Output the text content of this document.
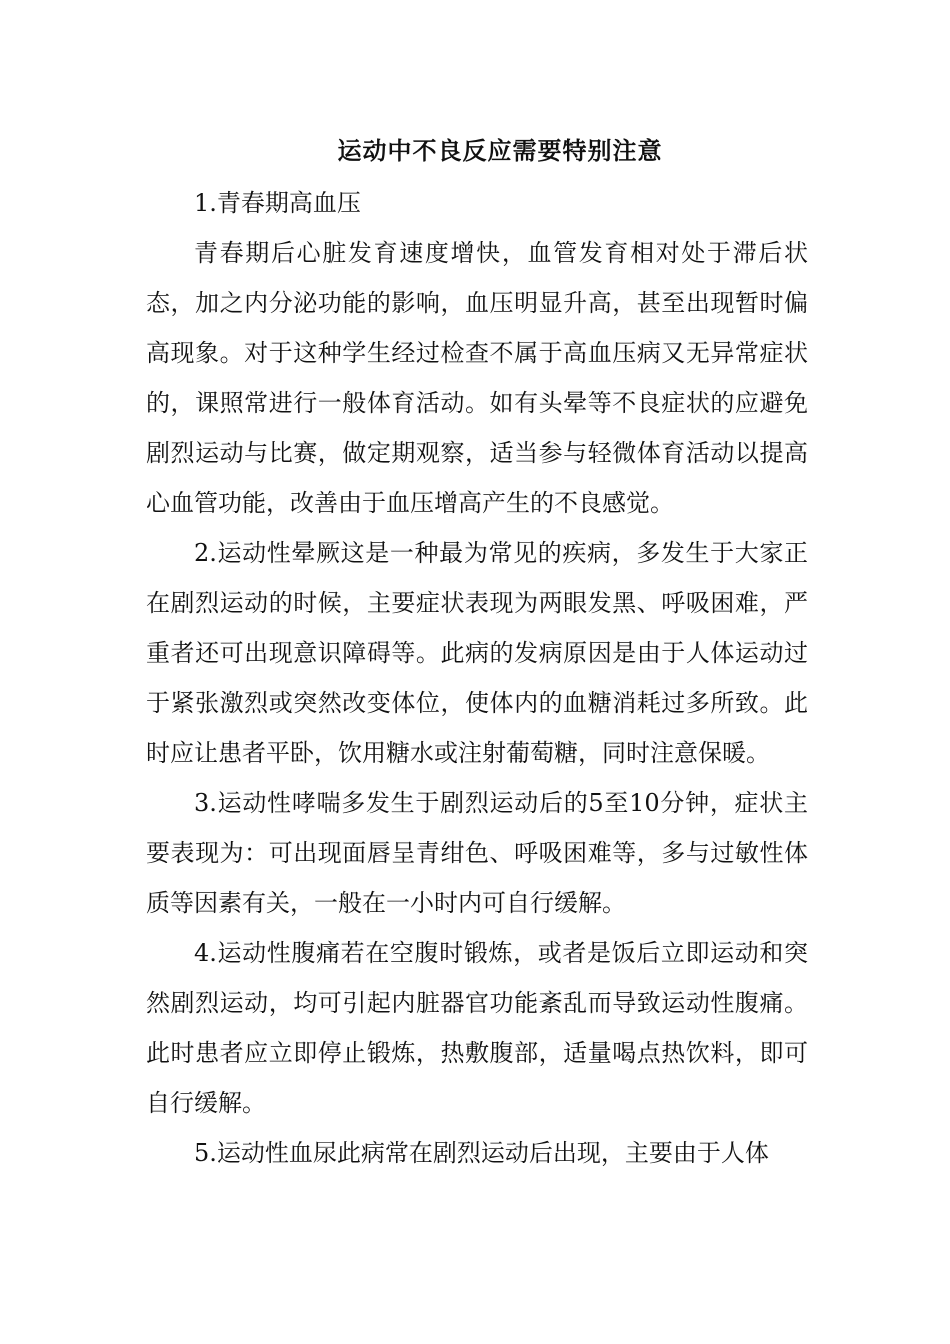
运动中不良反应需要特别注意

1.青春期高血压

青春期后心脏发育速度增快，血管发育相对处于滞后状态，加之内分泌功能的影响，血压明显升高，甚至出现暂时偏高现象。对于这种学生经过检查不属于高血压病又无异常症状的，课照常进行一般体育活动。如有头晕等不良症状的应避免剧烈运动与比赛，做定期观察，适当参与轻微体育活动以提高心血管功能，改善由于血压增高产生的不良感觉。

2.运动性晕厥这是一种最为常见的疾病，多发生于大家正在剧烈运动的时候，主要症状表现为两眼发黑、呼吸困难，严重者还可出现意识障碍等。此病的发病原因是由于人体运动过于紧张激烈或突然改变体位，使体内的血糖消耗过多所致。此时应让患者平卧，饮用糖水或注射葡萄糖，同时注意保暖。

3.运动性哮喘多发生于剧烈运动后的5至10分钟，症状主要表现为：可出现面唇呈青绀色、呼吸困难等，多与过敏性体质等因素有关，一般在一小时内可自行缓解。

4.运动性腹痛若在空腹时锻炼，或者是饭后立即运动和突然剧烈运动，均可引起内脏器官功能紊乱而导致运动性腹痛。此时患者应立即停止锻炼，热敷腹部，适量喝点热饮料，即可自行缓解。

5.运动性血尿此病常在剧烈运动后出现，主要由于人体
